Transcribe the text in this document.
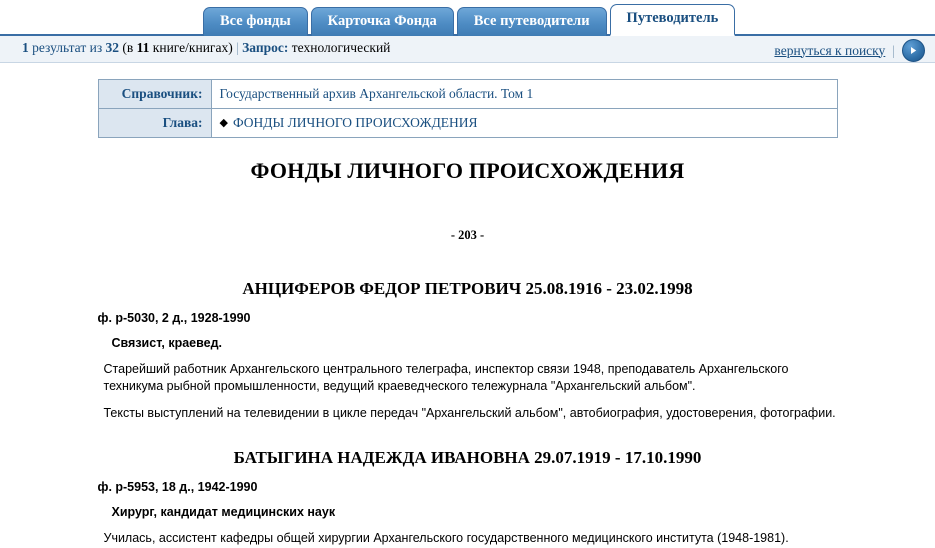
Все фонды	Карточка Фонда	Все путеводители	Путеводитель
1 результат из 32 (в 11 книге/книгах) | Запрос: технологический	вернуться к поиску |
Справочник:	Государственный архив Архангельской области. Том 1
Глава:	◆ ФОНДЫ ЛИЧНОГО ПРОИСХОЖДЕНИЯ
ФОНДЫ ЛИЧНОГО ПРОИСХОЖДЕНИЯ
- 203 -
АНЦИФЕРОВ ФЕДОР ПЕТРОВИЧ 25.08.1916 - 23.02.1998
ф. р-5030, 2 д., 1928-1990
Связист, краевед.
Старейший работник Архангельского центрального телеграфа, инспектор связи 1948, преподаватель Архангельского техникума рыбной промышленности, ведущий краеведческого тележурнала "Архангельский альбом".
Тексты выступлений на телевидении в цикле передач "Архангельский альбом", автобиография, удостоверения, фотографии.
БАТЫГИНА НАДЕЖДА ИВАНОВНА 29.07.1919 - 17.10.1990
ф. р-5953, 18 д., 1942-1990
Хирург, кандидат медицинских наук
Училась, ассистент кафедры общей хирургии Архангельского государственного медицинского института (1948-1981).
